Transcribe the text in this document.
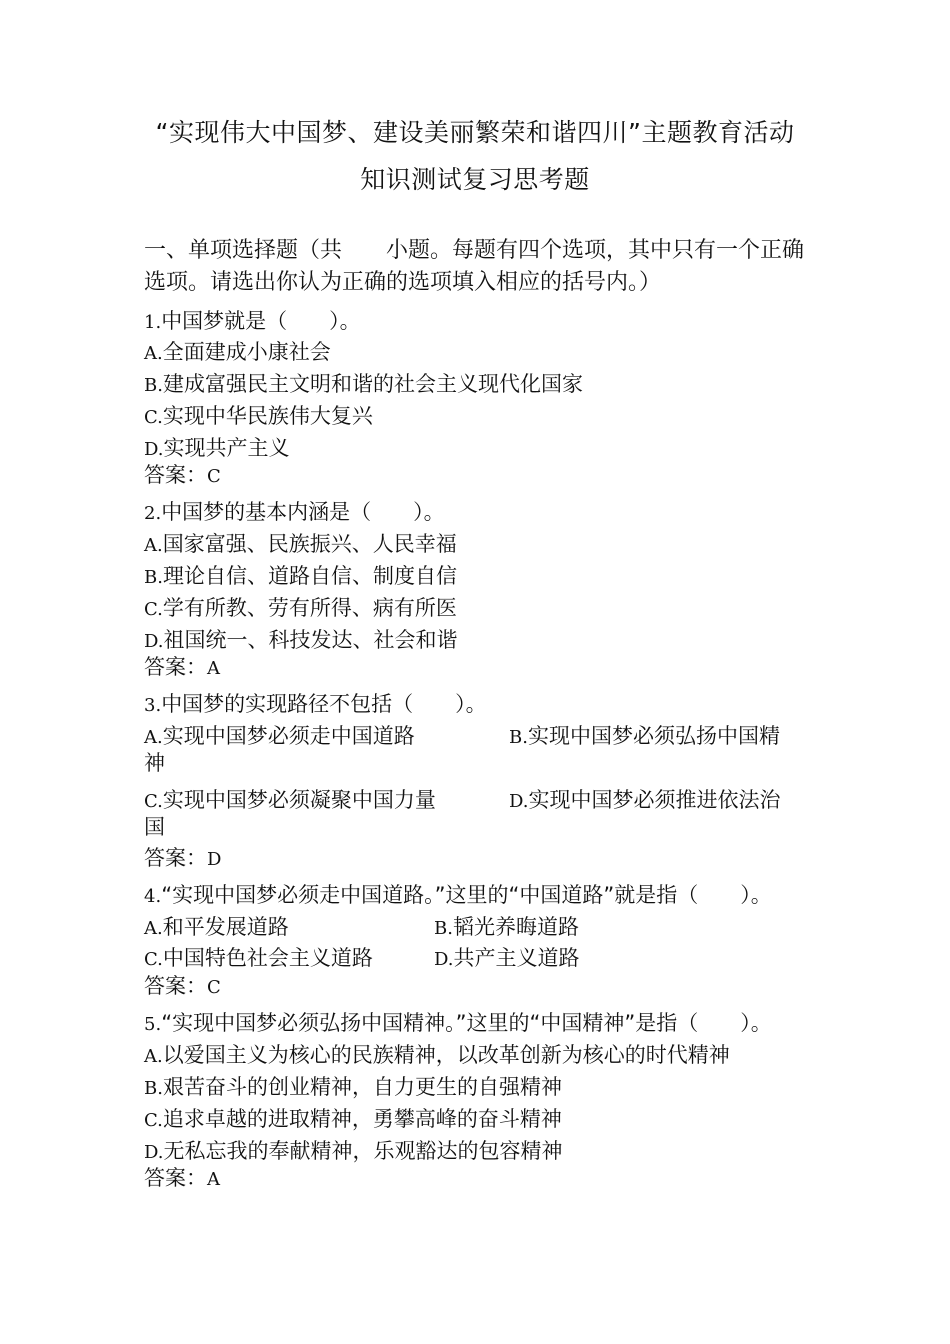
“实现伟大中国梦、建设美丽繁荣和谐四川”主题教育活动
知识测试复习思考题
一、单项选择题（共　　小题。每题有四个选项，其中只有一个正确
选项。请选出你认为正确的选项填入相应的括号内。）
1.中国梦就是（　　）。
A.全面建成小康社会
B.建成富强民主文明和谐的社会主义现代化国家
C.实现中华民族伟大复兴
D.实现共产主义
答案：C
2.中国梦的基本内涵是（　　）。
A.国家富强、民族振兴、人民幸福
B.理论自信、道路自信、制度自信
C.学有所教、劳有所得、病有所医
D.祖国统一、科技发达、社会和谐
答案：A
3.中国梦的实现路径不包括（　　）。
A.实现中国梦必须走中国道路	B.实现中国梦必须弘扬中国精
神
C.实现中国梦必须凝聚中国力量	D.实现中国梦必须推进依法治
国
答案：D
4.“实现中国梦必须走中国道路。”这里的“中国道路”就是指（　　）。
A.和平发展道路	B.韬光养晦道路
C.中国特色社会主义道路	D.共产主义道路
答案：C
5.“实现中国梦必须弘扬中国精神。”这里的“中国精神”是指（　　）。
A.以爱国主义为核心的民族精神，以改革创新为核心的时代精神
B.艰苦奋斗的创业精神，自力更生的自强精神
C.追求卓越的进取精神，勇攀高峰的奋斗精神
D.无私忘我的奉献精神，乐观豁达的包容精神
答案：A
